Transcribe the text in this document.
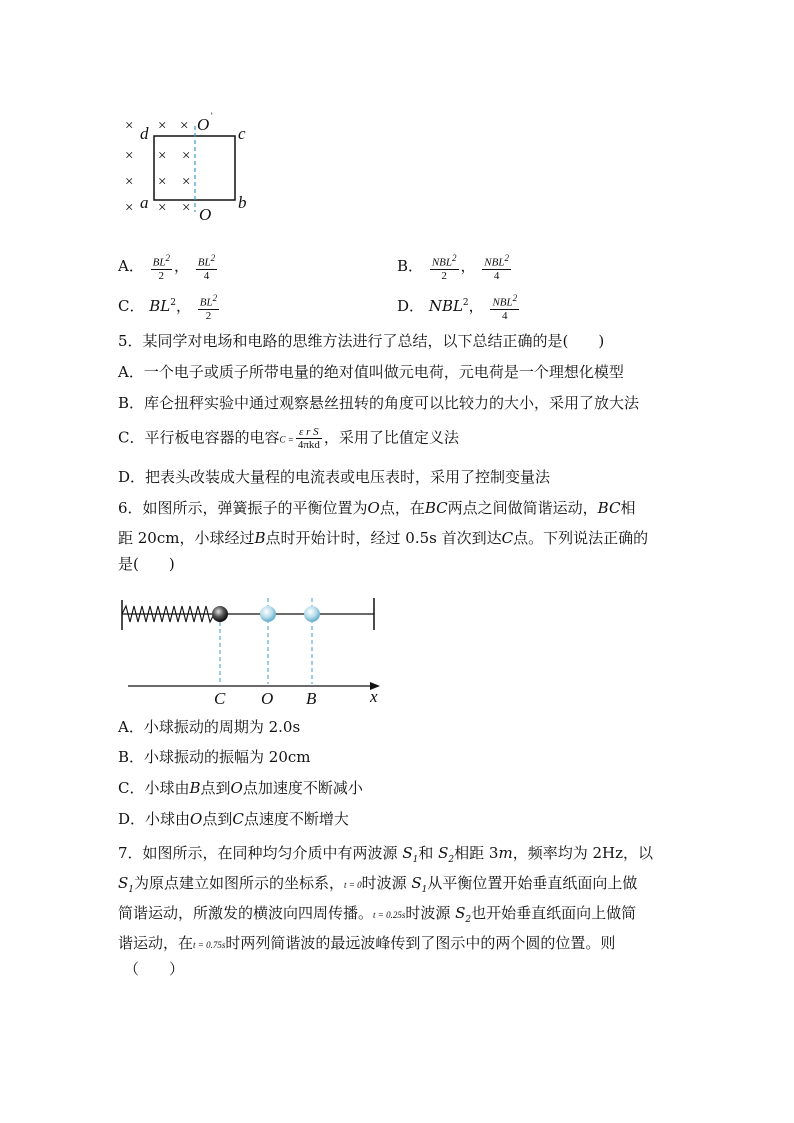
× × ×
× × ×
× × ×
× × ×
d	c
a	b
O
O
'
A． $\frac{BL^2}{2}$ ， $\frac{BL^2}{4}$	B． $\frac{NBL^2}{2}$ ， $\frac{NBL^2}{4}$
C． $BL^2$， $\frac{BL^2}{2}$	D． NBL$^2$， $\frac{NBL^2}{4}$
5．某同学对电场和电路的思维方法进行了总结，以下总结正确的是(　　)
A．一个电子或质子所带电量的绝对值叫做元电荷，元电荷是一个理想化模型
B．库仑扭秤实验中通过观察悬丝扭转的角度可以比较力的大小，采用了放大法
C．平行板电容器的电容$C = \frac{\text{ε r S}}{\text{4πkd}}$ ，采用了比值定义法
D．把表头改装成大量程的电流表或电压表时，采用了控制变量法
6．如图所示，弹簧振子的平衡位置为O点，在BC两点之间做简谐运动，BC相
距 20cm，小球经过B点时开始计时，经过 0.5s 首次到达C点。下列说法正确的
是(　　)
C O B	x
A．小球振动的周期为 2.0s
B．小球振动的振幅为 20cm
C．小球由B点到O点加速度不断减小
D．小球由O点到C点速度不断增大
7．如图所示，在同种均匀介质中有两波源 $S_1$和 $S_2$相距 3m，频率均为 2Hz，以
$S_1$为原点建立如图所示的坐标系，t = 0时波源 $S_1$从平衡位置开始垂直纸面向上做
简谐运动，所激发的横波向四周传播。t = 0.25s时波源 $S_2$也开始垂直纸面向上做简
谐运动，在t = 0.75s时两列简谐波的最远波峰传到了图示中的两个圆的位置。则
（　　）
